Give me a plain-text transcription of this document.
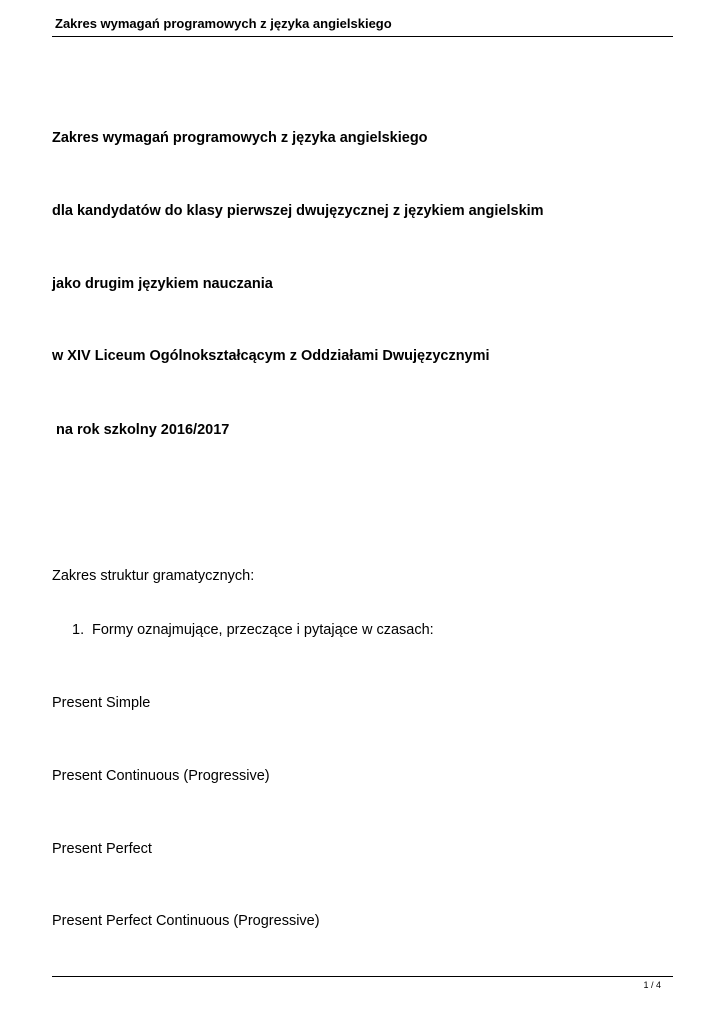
Zakres wymagań programowych z języka angielskiego
Zakres wymagań programowych z języka angielskiego
dla kandydatów do klasy pierwszej dwujęzycznej z językiem angielskim
jako drugim językiem nauczania
w XIV Liceum Ogólnokształcącym z Oddziałami Dwujęzycznymi
na rok szkolny 2016/2017
Zakres struktur gramatycznych:
1. Formy oznajmujące, przeczące i pytające w czasach:
Present Simple
Present Continuous (Progressive)
Present Perfect
Present Perfect Continuous (Progressive)
1 / 4
